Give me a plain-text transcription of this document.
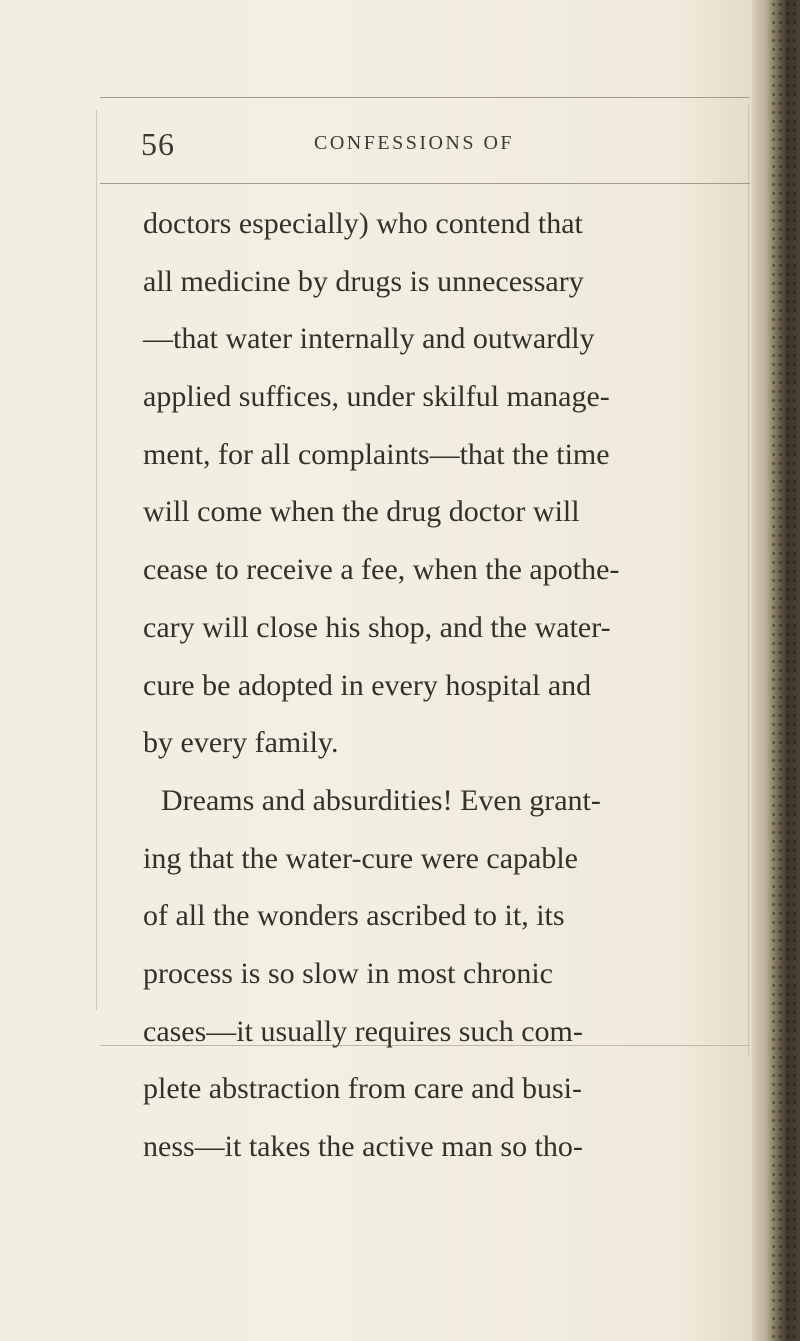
56	CONFESSIONS OF
doctors especially) who contend that
all medicine by drugs is unnecessary
—that water internally and outwardly
applied suffices, under skilful manage-
ment, for all complaints—that the time
will come when the drug doctor will
cease to receive a fee, when the apothe-
cary will close his shop, and the water-
cure be adopted in every hospital and
by every family.
Dreams and absurdities! Even grant-
ing that the water-cure were capable
of all the wonders ascribed to it, its
process is so slow in most chronic
cases—it usually requires such com-
plete abstraction from care and busi-
ness—it takes the active man so tho-
